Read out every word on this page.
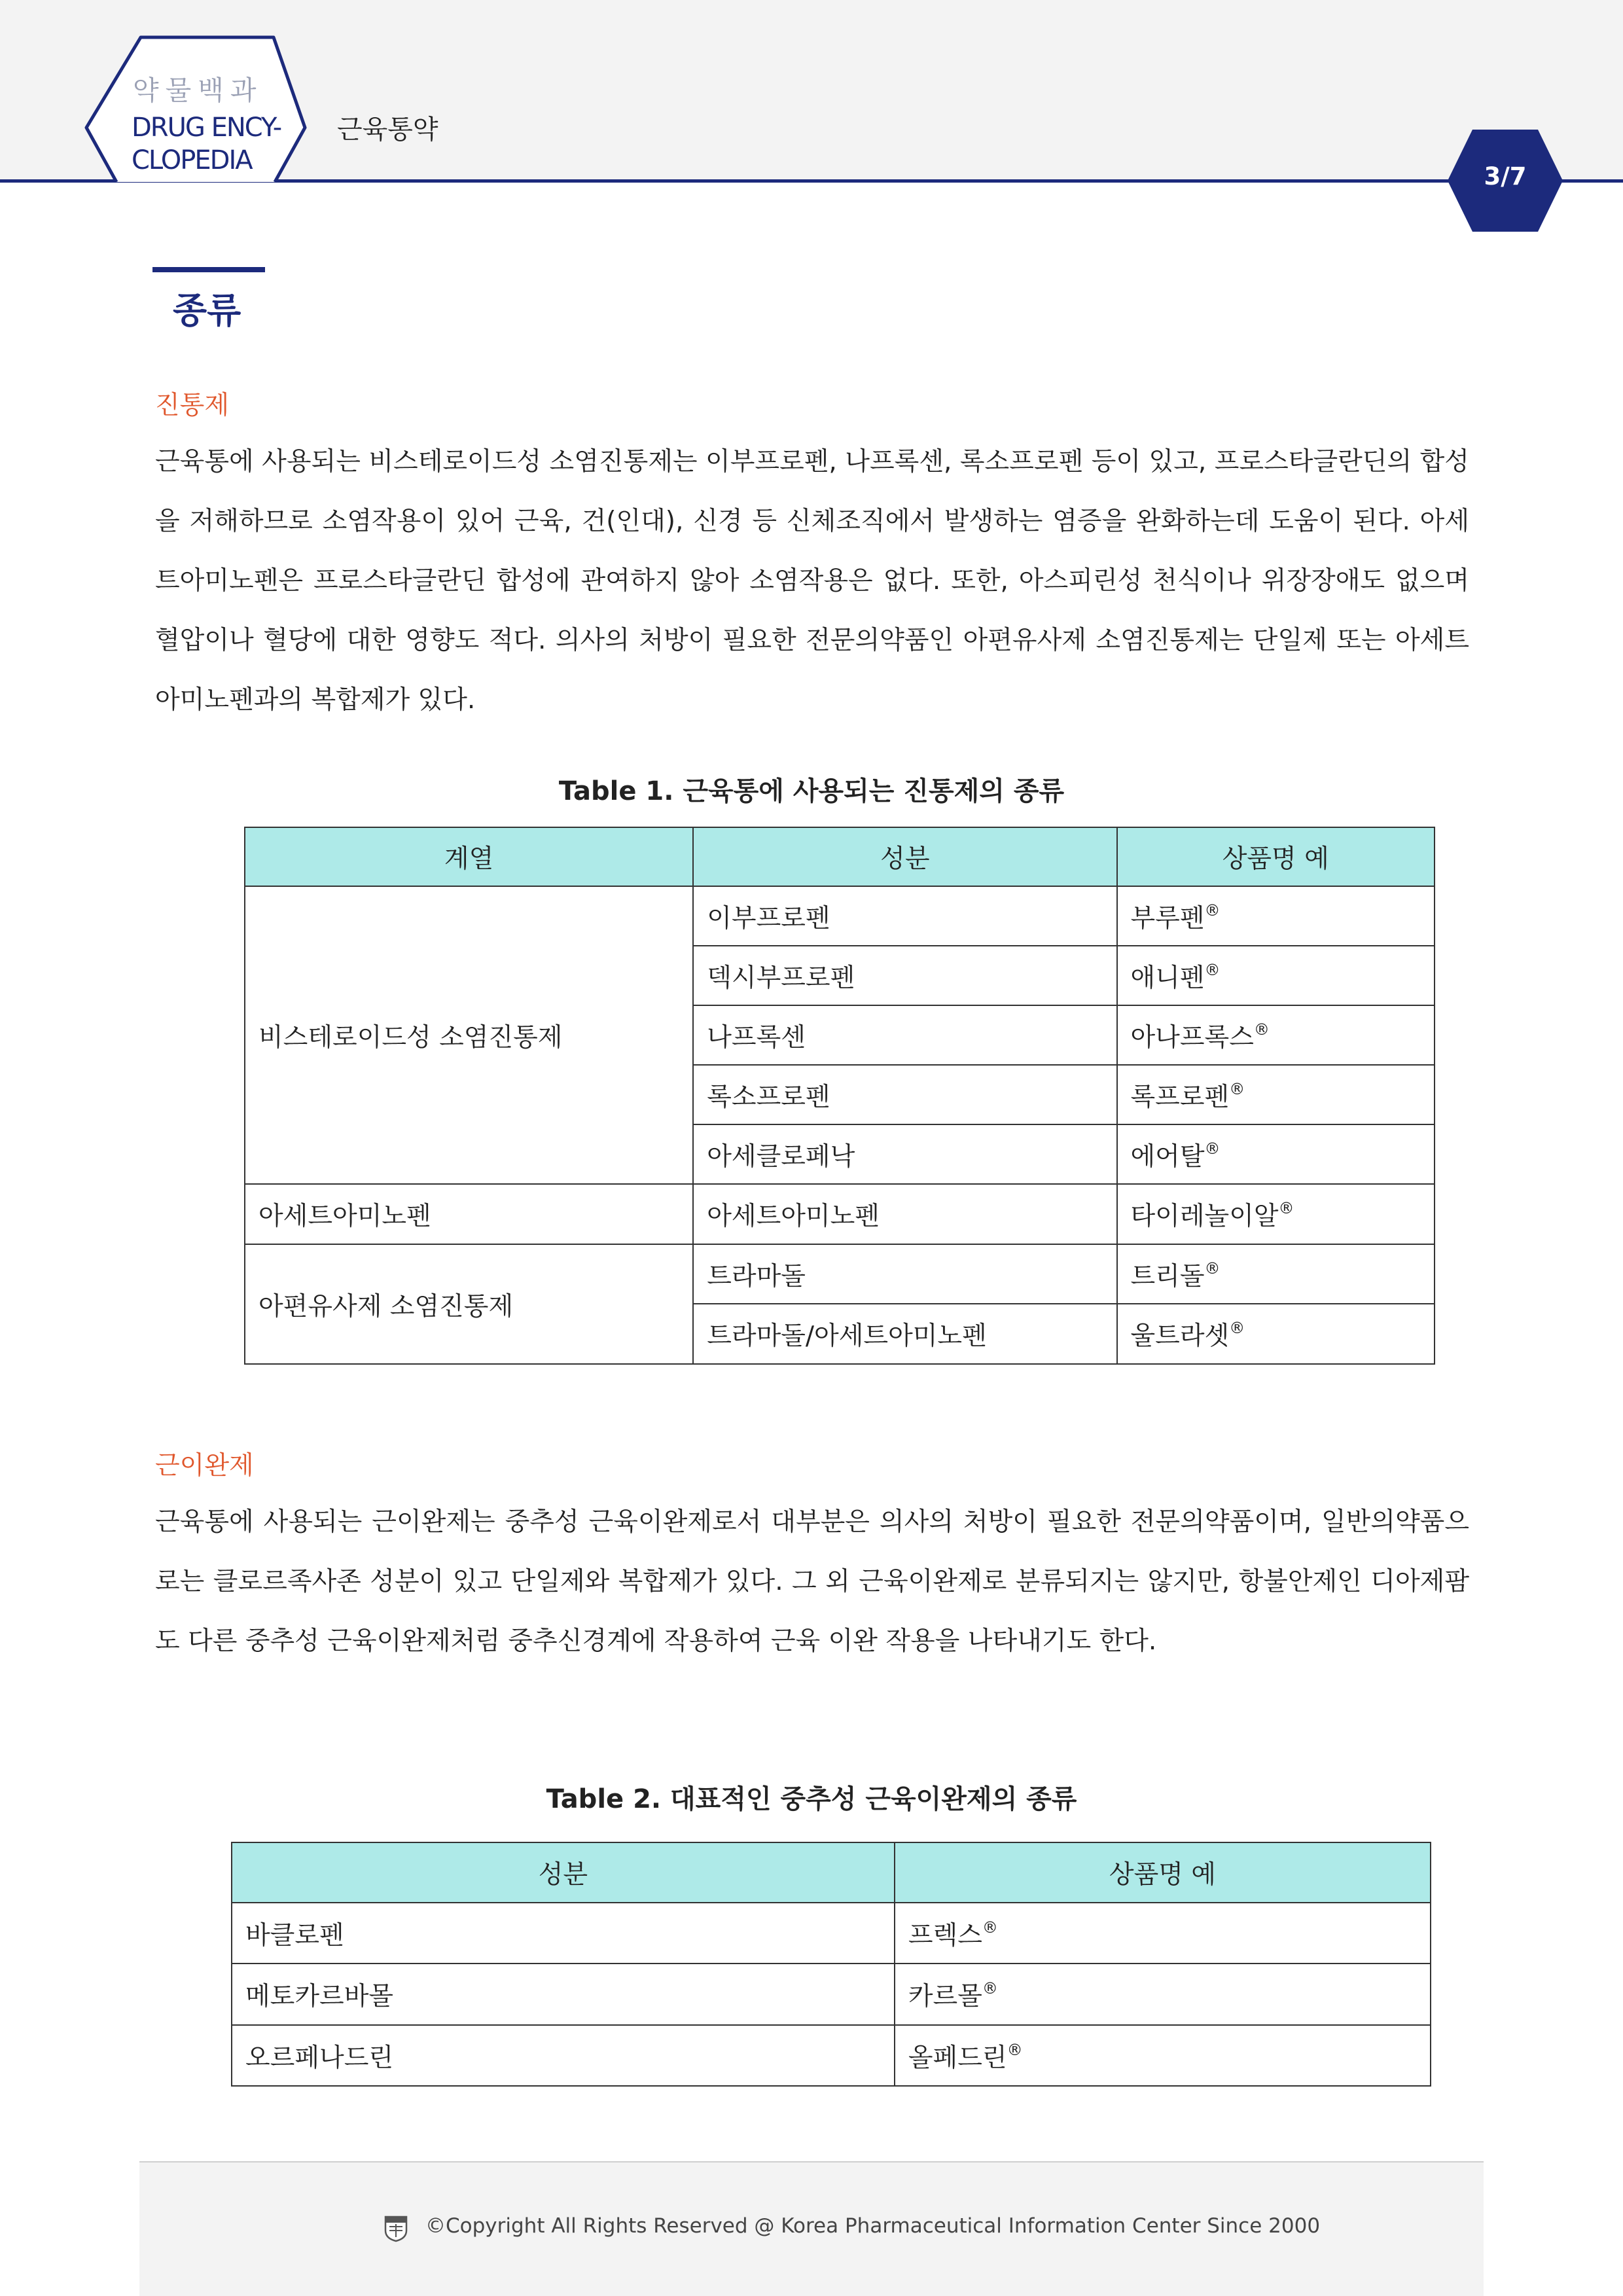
약물백과
DRUG ENCY-
CLOPEDIA
근육통약
3/7
종류
진통제
근육통에 사용되는 비스테로이드성 소염진통제는 이부프로펜, 나프록센, 록소프로펜 등이 있고, 프로스타글란딘의 합성을 저해하므로 소염작용이 있어 근육, 건(인대), 신경 등 신체조직에서 발생하는 염증을 완화하는데 도움이 된다. 아세트아미노펜은 프로스타글란딘 합성에 관여하지 않아 소염작용은 없다. 또한, 아스피린성 천식이나 위장장애도 없으며 혈압이나 혈당에 대한 영향도 적다. 의사의 처방이 필요한 전문의약품인 아편유사제 소염진통제는 단일제 또는 아세트아미노펜과의 복합제가 있다.
Table 1. 근육통에 사용되는 진통제의 종류
계열	성분	상품명 예
비스테로이드성 소염진통제	이부프로펜	부루펜®
	덱시부프로펜	애니펜®
	나프록센	아나프록스®
	록소프로펜	록프로펜®
	아세클로페낙	에어탈®
아세트아미노펜	아세트아미노펜	타이레놀이알®
아편유사제 소염진통제	트라마돌	트리돌®
	트라마돌/아세트아미노펜	울트라셋®
근이완제
근육통에 사용되는 근이완제는 중추성 근육이완제로서 대부분은 의사의 처방이 필요한 전문의약품이며, 일반의약품으로는 클로르족사존 성분이 있고 단일제와 복합제가 있다. 그 외 근육이완제로 분류되지는 않지만, 항불안제인 디아제팜도 다른 중추성 근육이완제처럼 중추신경계에 작용하여 근육 이완 작용을 나타내기도 한다.
Table 2. 대표적인 중추성 근육이완제의 종류
성분	상품명 예
바클로펜	프렉스®
메토카르바몰	카르몰®
오르페나드린	올페드린®
©Copyright All Rights Reserved @ Korea Pharmaceutical Information Center Since 2000
